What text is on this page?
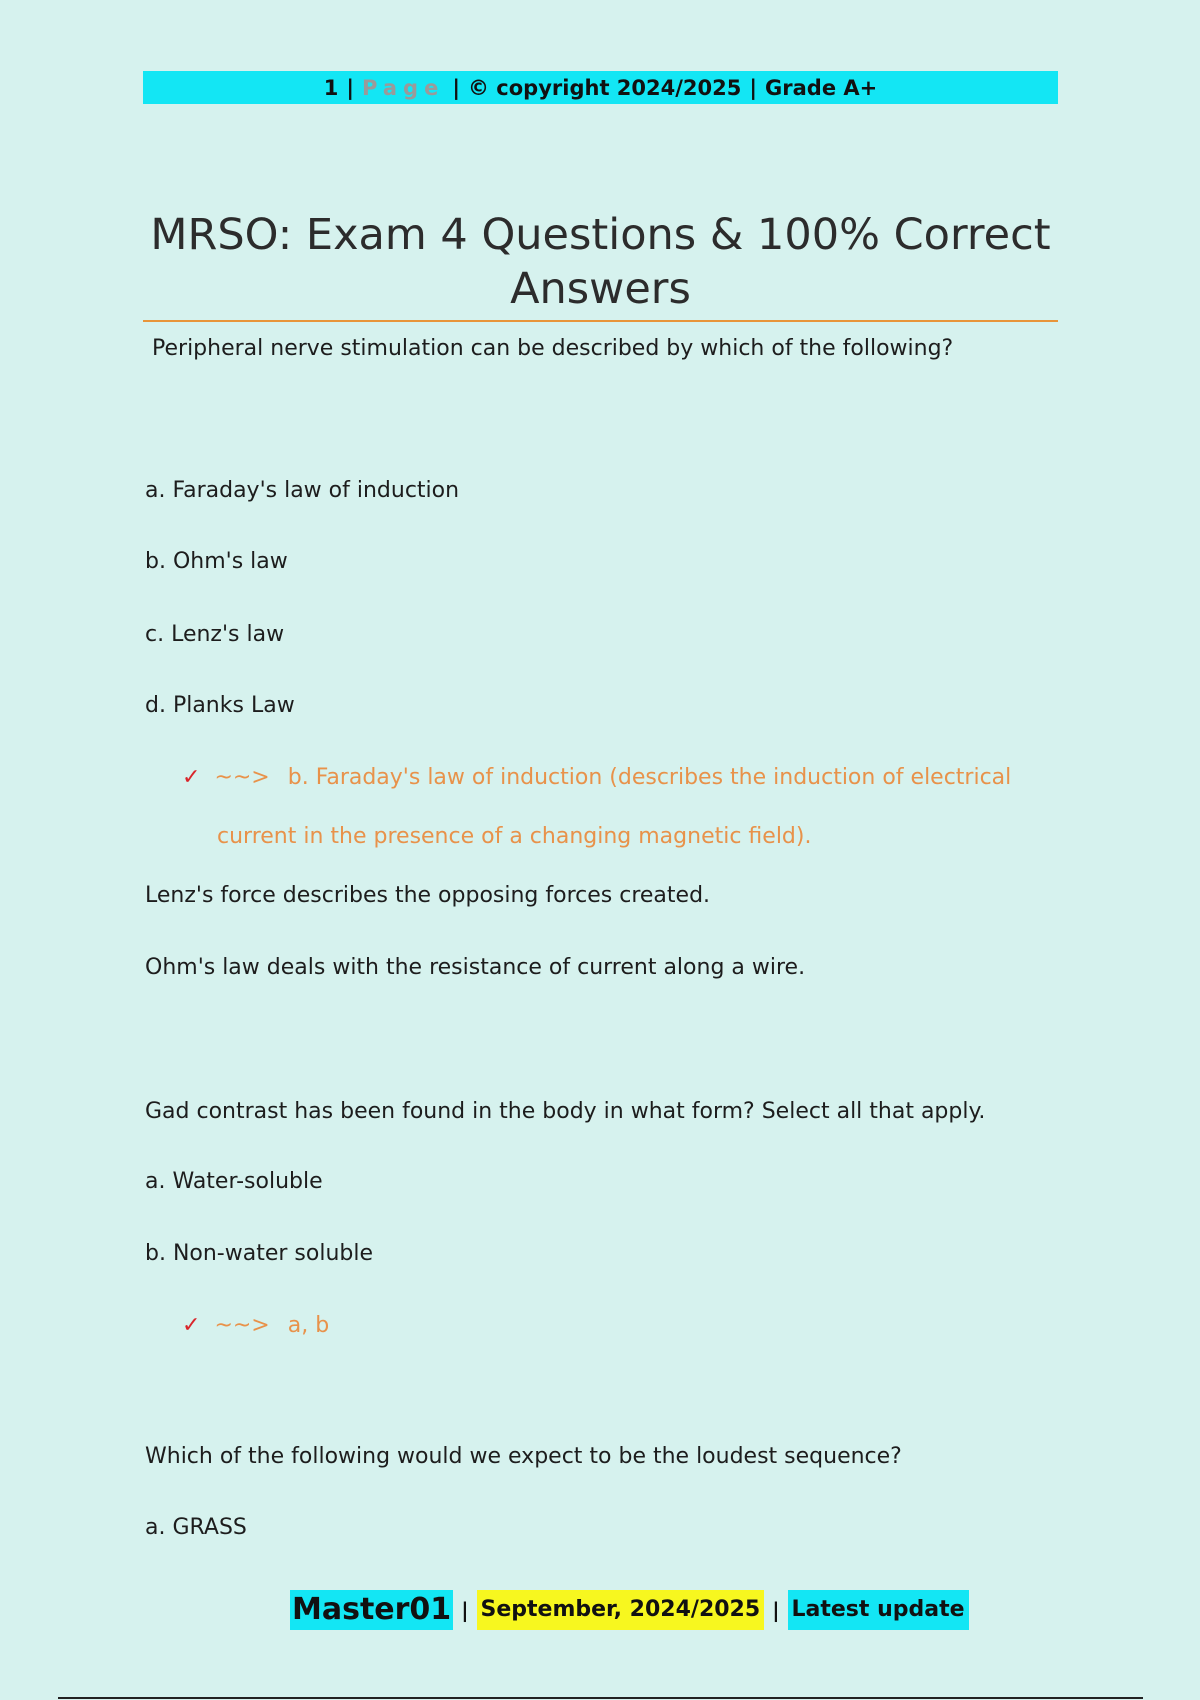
1 | Page | © copyright 2024/2025 | Grade A+
MRSO: Exam 4 Questions & 100% Correct Answers
Peripheral nerve stimulation can be described by which of the following?
a. Faraday's law of induction
b. Ohm's law
c. Lenz's law
d. Planks Law
✓ ~~> b. Faraday's law of induction (describes the induction of electrical
current in the presence of a changing magnetic field).
Lenz's force describes the opposing forces created.
Ohm's law deals with the resistance of current along a wire.
Gad contrast has been found in the body in what form? Select all that apply.
a. Water-soluble
b. Non-water soluble
✓ ~~> a, b
Which of the following would we expect to be the loudest sequence?
a. GRASS
Master01 | September, 2024/2025 | Latest update
